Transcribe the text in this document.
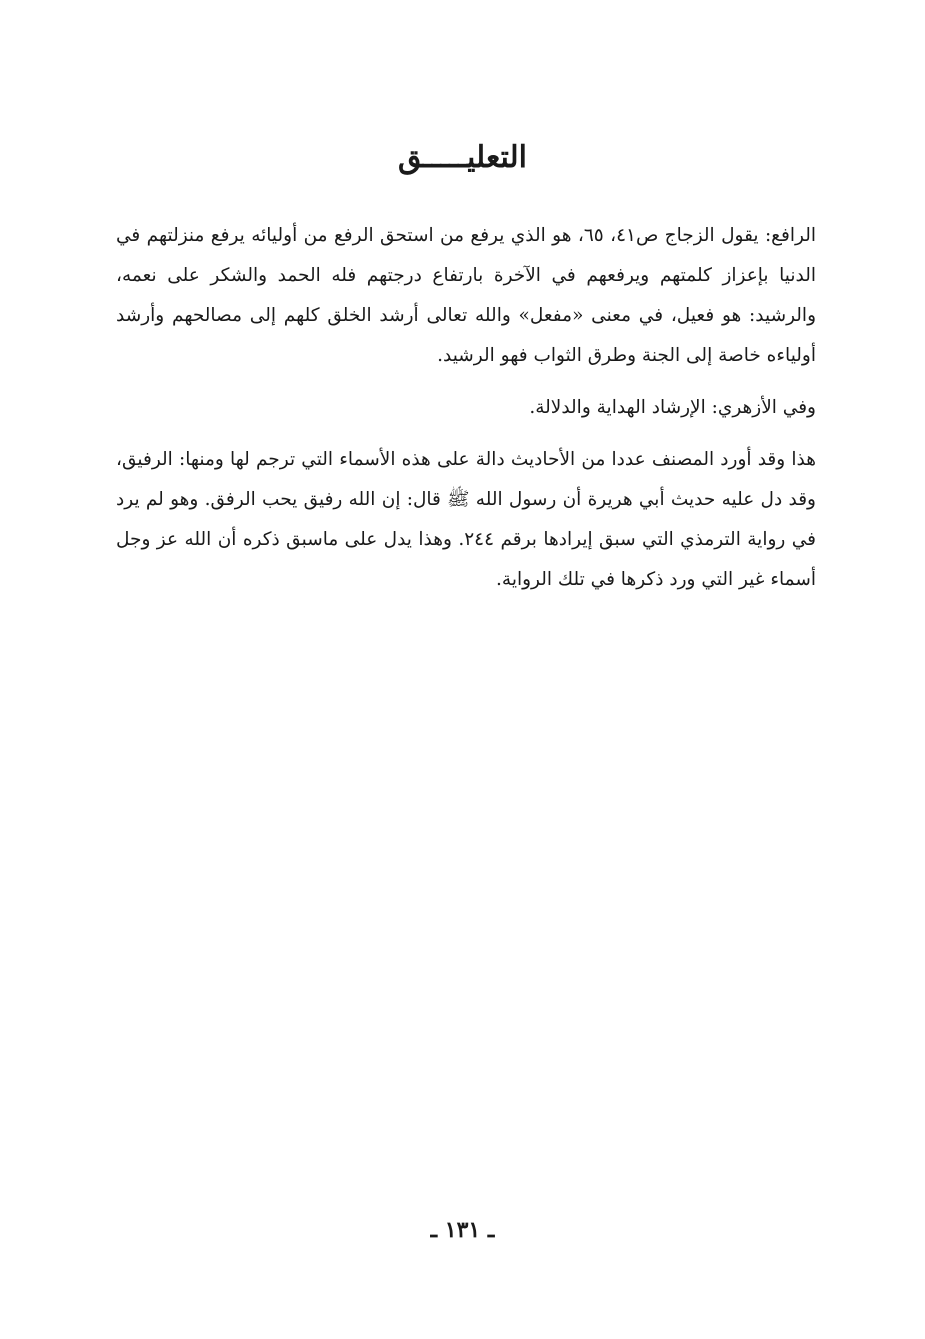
التعليـــــق

الرافع: يقول الزجاج ص٤١، ٦٥، هو الذي يرفع من استحق الرفع من أوليائه يرفع منزلتهم في الدنيا بإعزاز كلمتهم ويرفعهم في الآخرة بارتفاع درجتهم فله الحمد والشكر على نعمه، والرشيد: هو فعيل، في معنى «مفعل» والله تعالى أرشد الخلق كلهم إلى مصالحهم وأرشد أولياءه خاصة إلى الجنة وطرق الثواب فهو الرشيد.

وفي الأزهري: الإرشاد الهداية والدلالة.

هذا وقد أورد المصنف عددا من الأحاديث دالة على هذه الأسماء التي ترجم لها ومنها: الرفيق، وقد دل عليه حديث أبي هريرة أن رسول الله ﷺ قال: إن الله رفيق يحب الرفق. وهو لم يرد في رواية الترمذي التي سبق إيرادها برقم ٢٤٤. وهذا يدل على ماسبق ذكره أن الله عز وجل أسماء غير التي ورد ذكرها في تلك الرواية.

ـ ١٣١ ـ
